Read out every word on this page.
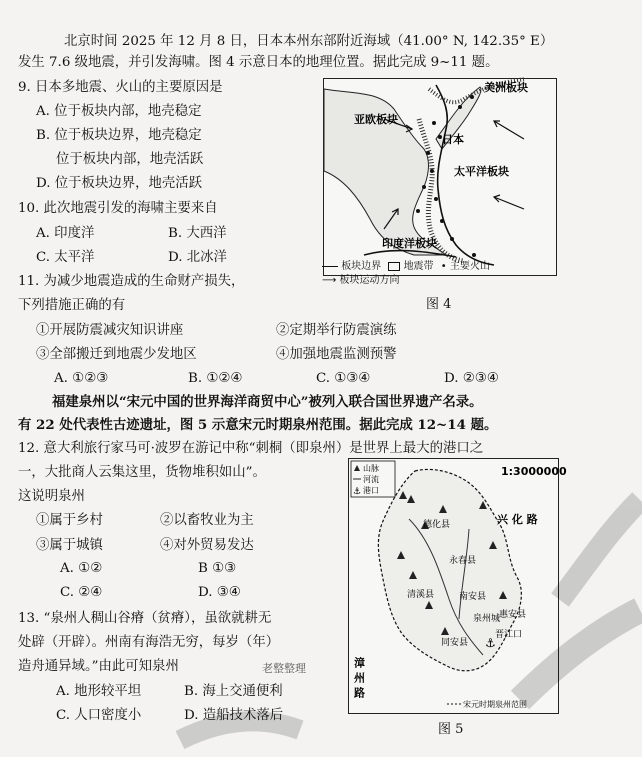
北京时间 2025 年 12 月 8 日，日本本州东部附近海域（41.00° N, 142.35° E）
发生 7.6 级地震，并引发海啸。图 4 示意日本的地理位置。据此完成 9~11 题。
9. 日本多地震、火山的主要原因是
A. 位于板块内部，地壳稳定
B. 位于板块边界，地壳稳定
位于板块内部，地壳活跃
D. 位于板块边界，地壳活跃
10. 此次地震引发的海啸主要来自
A. 印度洋	B. 大西洋
C. 太平洋	D. 北冰洋
11. 为减少地震造成的生命财产损失，
下列措施正确的有
①开展防震减灾知识讲座	②定期举行防震演练
③全部搬迁到地震少发地区	④加强地震监测预警
A. ①②③	B. ①②④	C. ①③④	D. ②③④
福建泉州以“宋元中国的世界海洋商贸中心”被列入联合国世界遗产名录。
有 22 处代表性古迹遗址，图 5 示意宋元时期泉州范围。据此完成 12~14 题。
12. 意大利旅行家马可·波罗在游记中称“刺桐（即泉州）是世界上最大的港口之
一，大批商人云集这里，货物堆积如山”。
这说明泉州
①属于乡村	②以畜牧业为主
③属于城镇	④对外贸易发达
A. ①②	B ①③
C. ②④	D. ③④
13. “泉州人稠山谷瘠（贫瘠），虽欲就耕无
处辟（开辟）。州南有海浩无穷，每岁（年）
造舟通异域。”由此可知泉州	老整整理
A. 地形较平坦	B. 海上交通便利
C. 人口密度小	D. 造船技术落后
亚欧板块
日本
太平洋板块
印度洋板块
美洲板块
板块边界 地震带 • 主要火山
⟶ 板块运动方向
图 4
⚓
山脉
河流
港口
⚓
1:3000000
兴 化 路
德化县
永春县
清溪县	南安县
惠安县
同安县
泉州城
晋江口
漳 州 路
宋元时期泉州范围
图 5
